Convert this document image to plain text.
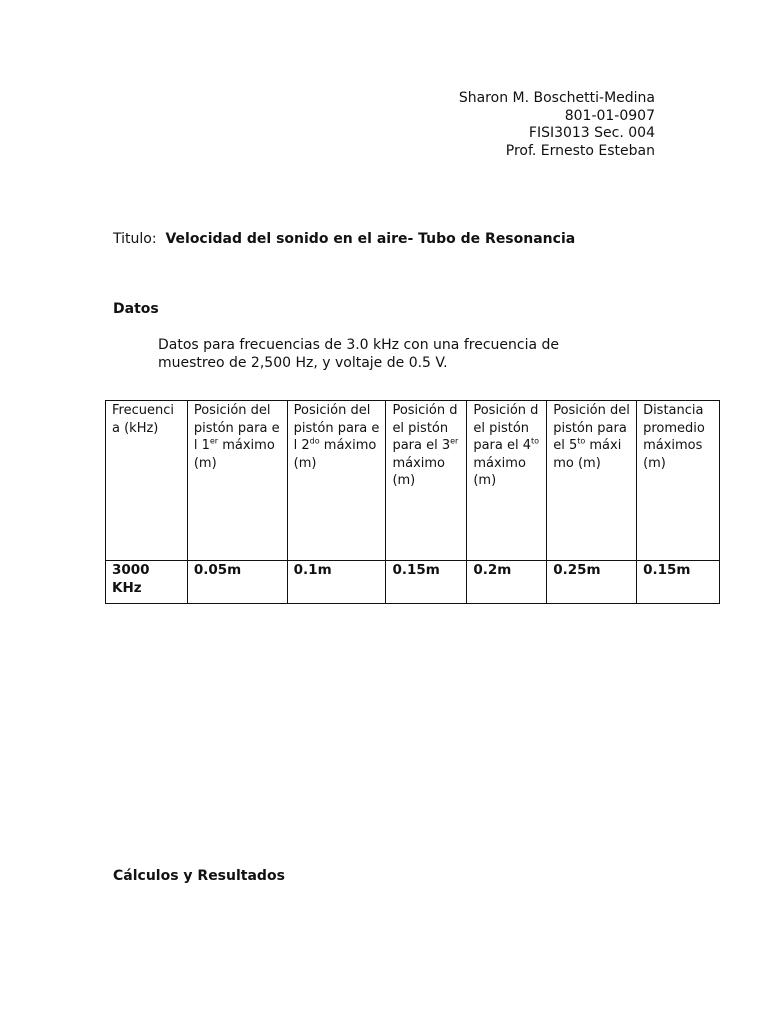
Sharon M. Boschetti-Medina
801-01-0907
FISI3013 Sec. 004
Prof. Ernesto Esteban
Titulo: Velocidad del sonido en el aire- Tubo de Resonancia
Datos
Datos para frecuencias de 3.0 kHz con una frecuencia de muestreo de 2,500 Hz, y voltaje de 0.5 V.
Frecuencia (kHz)	Posición del pistón para el 1er máximo (m)	Posición del pistón para el $2^{do}$ máximo (m)	Posición del pistón para el 3er máximo (m)	Posición del pistón para el $4^{to}$ máximo (m)	Posición del pistón para el $5^{to}$ máximo (m)	Distancia promedio máximos (m)
3000 KHz	0.05m	0.1m	0.15m	0.2m	0.25m	0.15m
Cálculos y Resultados
